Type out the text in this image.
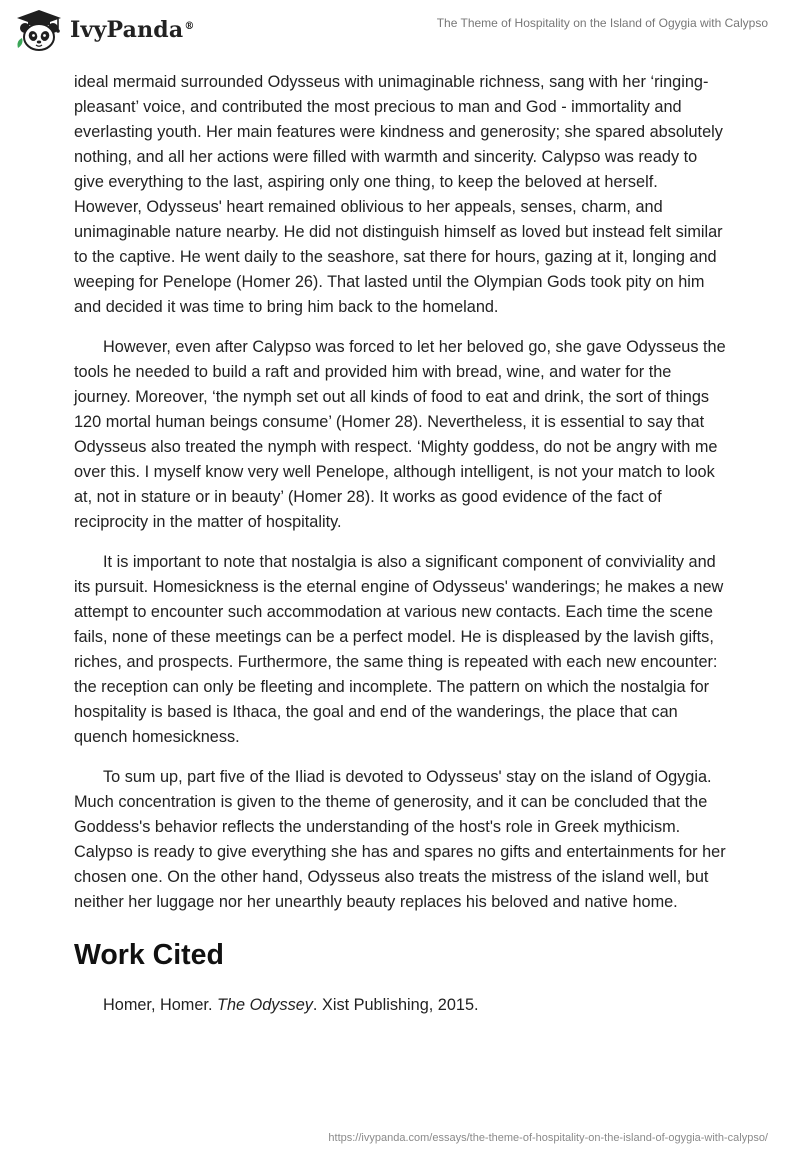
IvyPanda®	The Theme of Hospitality on the Island of Ogygia with Calypso

ideal mermaid surrounded Odysseus with unimaginable richness, sang with her ‘ringing-pleasant’ voice, and contributed the most precious to man and God - immortality and everlasting youth. Her main features were kindness and generosity; she spared absolutely nothing, and all her actions were filled with warmth and sincerity. Calypso was ready to give everything to the last, aspiring only one thing, to keep the beloved at herself. However, Odysseus' heart remained oblivious to her appeals, senses, charm, and unimaginable nature nearby. He did not distinguish himself as loved but instead felt similar to the captive. He went daily to the seashore, sat there for hours, gazing at it, longing and weeping for Penelope (Homer 26). That lasted until the Olympian Gods took pity on him and decided it was time to bring him back to the homeland.

However, even after Calypso was forced to let her beloved go, she gave Odysseus the tools he needed to build a raft and provided him with bread, wine, and water for the journey. Moreover, ‘the nymph set out all kinds of food to eat and drink, the sort of things 120 mortal human beings consume’ (Homer 28). Nevertheless, it is essential to say that Odysseus also treated the nymph with respect. ‘Mighty goddess, do not be angry with me over this. I myself know very well Penelope, although intelligent, is not your match to look at, not in stature or in beauty’ (Homer 28). It works as good evidence of the fact of reciprocity in the matter of hospitality.

It is important to note that nostalgia is also a significant component of conviviality and its pursuit. Homesickness is the eternal engine of Odysseus' wanderings; he makes a new attempt to encounter such accommodation at various new contacts. Each time the scene fails, none of these meetings can be a perfect model. He is displeased by the lavish gifts, riches, and prospects. Furthermore, the same thing is repeated with each new encounter: the reception can only be fleeting and incomplete. The pattern on which the nostalgia for hospitality is based is Ithaca, the goal and end of the wanderings, the place that can quench homesickness.

To sum up, part five of the Iliad is devoted to Odysseus' stay on the island of Ogygia. Much concentration is given to the theme of generosity, and it can be concluded that the Goddess's behavior reflects the understanding of the host's role in Greek mythicism. Calypso is ready to give everything she has and spares no gifts and entertainments for her chosen one. On the other hand, Odysseus also treats the mistress of the island well, but neither her luggage nor her unearthly beauty replaces his beloved and native home.

Work Cited

Homer, Homer. The Odyssey. Xist Publishing, 2015.

https://ivypanda.com/essays/the-theme-of-hospitality-on-the-island-of-ogygia-with-calypso/
